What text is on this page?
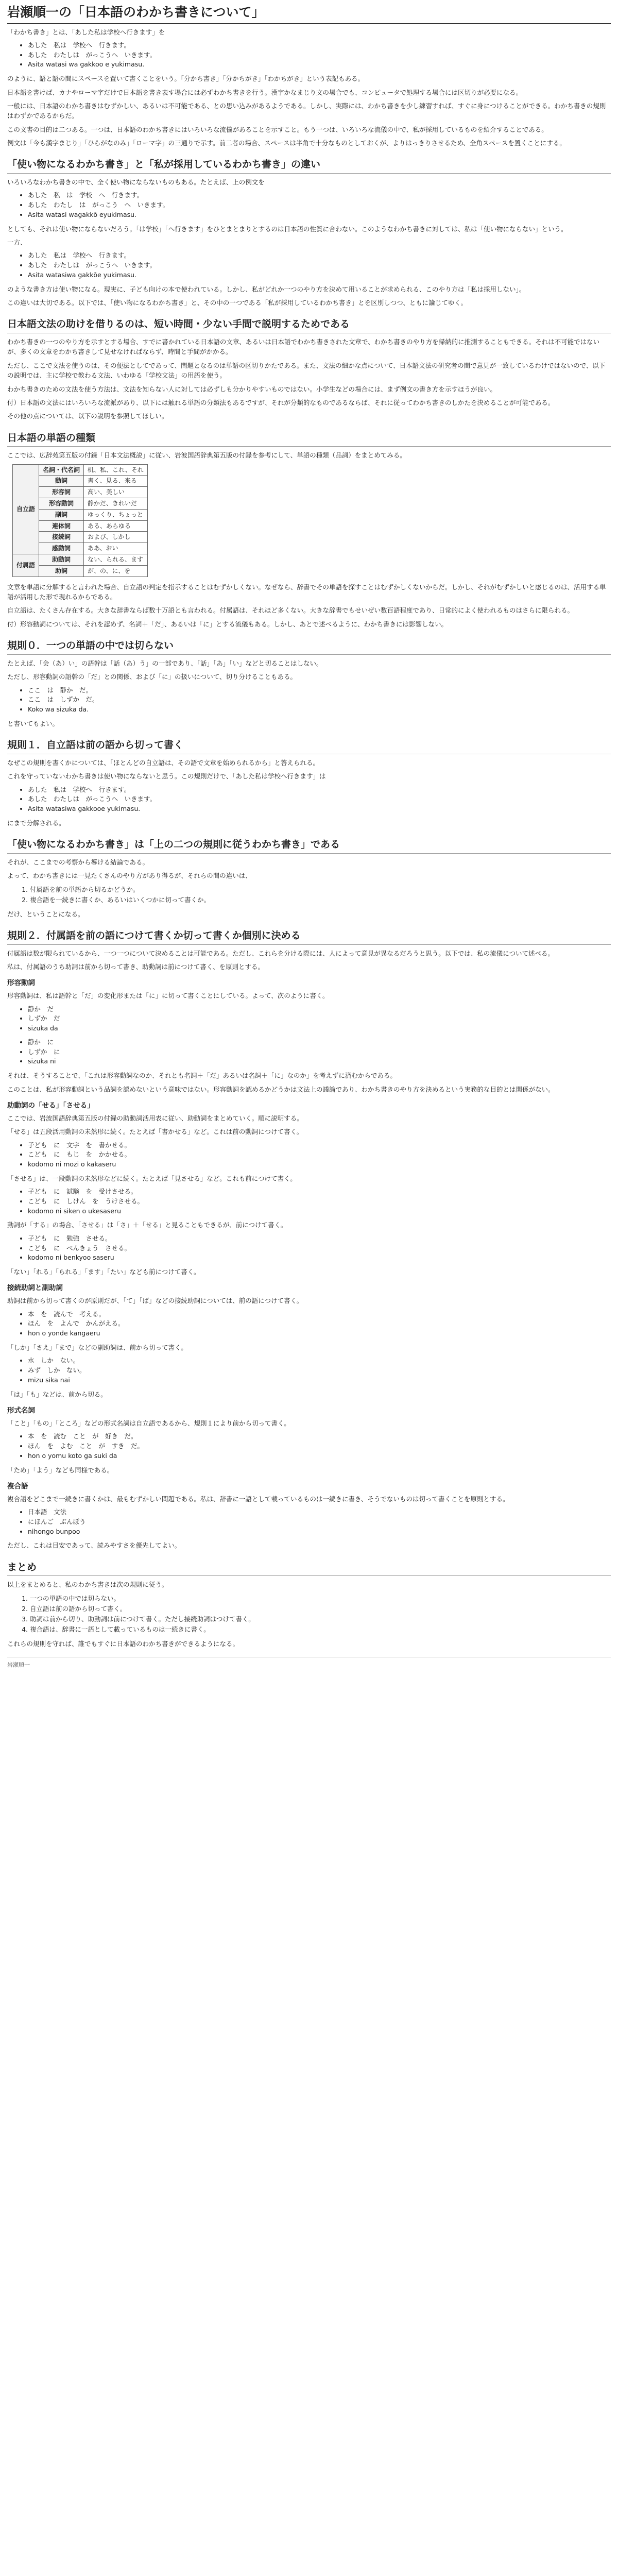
岩瀬順一の「日本語のわかち書きについて」

「わかち書き」とは、「あした私は学校へ行きます」を

• あした　私は　学校へ　行きます。
• あした　わたしは　がっこうへ　いきます。
• Asita watasi wa gakkoo e yukimasu.

のように、語と語の間にスペースを置いて書くことをいう。「分かち書き」「分かちがき」「わかちがき」という表記もある。

日本語を書けば、カナやローマ字だけで日本語を書き表す場合には必ずわかち書きを行う。漢字かなまじり文の場合でも、コンピュータで処理する場合には区切りが必要になる。

一般には、日本語のわかち書きはむずかしい、あるいは不可能である、との思い込みがあるようである。しかし、実際には、わかち書きを少し練習すれば、すぐに身につけることができる。わかち書きの規則はわずかであるからだ。

この文書の目的は二つある。一つは、日本語のわかち書きにはいろいろな流儀があることを示すこと。もう一つは、いろいろな流儀の中で、私が採用しているものを紹介することである。

例文は「今も漢字まじり」「ひらがなのみ」「ローマ字」の三通りで示す。前二者の場合、スペースは半角で十分なものとしておくが、よりはっきりさせるため、全角スペースを置くことにする。

「使い物になるわかち書き」と「私が採用しているわかち書き」の違い

いろいろなわかち書きの中で、全く使い物にならないものもある。たとえば、上の例文を

• あした　私　は　学校　へ　行きます。
• あした　わたし　は　がっこう　へ　いきます。
• Asita watasi wagakkō eyukimasu.

としても、それは使い物にならないだろう。「は学校」「へ行きます」をひとまとまりとするのは日本語の性質に合わない。このようなわかち書きに対しては、私は「使い物にならない」という。

一方、

• あした　私は　学校へ　行きます。
• あした　わたしは　がっこうへ　いきます。
• Asita watasiwa gakkōe yukimasu.

のような書き方は使い物になる。現実に、子ども向けの本で使われている。しかし、私がどれか一つのやり方を決めて用いることが求められる、このやり方は「私は採用しない」。

この違いは大切である。以下では、「使い物になるわかち書き」と、その中の一つである「私が採用しているわかち書き」とを区別しつつ、ともに論じてゆく。

日本語文法の助けを借りるのは、短い時間・少ない手間で説明するためである

わかち書きの一つのやり方を示すとする場合、すでに書かれている日本語の文章、あるいは日本語でわかち書きされた文章で、わかち書きのやり方を帰納的に推測することもできる。それは不可能ではないが、多くの文章をわかち書きして見せなければならず、時間と手間がかかる。

ただし、ここで文法を使うのは、その便法としてであって、問題となるのは単語の区切りかたである。また、文法の細かな点について、日本語文法の研究者の間で意見が一致しているわけではないので、以下の説明では、主に学校で教わる文法、いわゆる「学校文法」の用語を使う。

わかち書きのための文法を使う方法は、文法を知らない人に対しては必ずしも分かりやすいものではない。小学生などの場合には、まず例文の書き方を示すほうが良い。

付）日本語の文法にはいろいろな流派があり、以下には触れる単語の分類法もあるですが、それが分類的なものであるならば、それに従ってわかち書きのしかたを決めることが可能である。

その他の点については、以下の説明を参照してほしい。

日本語の単語の種類

ここでは、広辞苑第五版の付録「日本文法概説」に従い、岩波国語辞典第五版の付録を参考にして、単語の種類（品詞）をまとめてみる。

自立語	名詞・代名詞	机、私、これ、それ
	動詞	書く、見る、来る
	形容詞	高い、美しい
	形容動詞	静かだ、きれいだ
	副詞	ゆっくり、ちょっと
	連体詞	ある、あらゆる
	接続詞	および、しかし
	感動詞	ああ、おい
付属語	助動詞	ない、られる、ます
	助詞	が、の、に、を

文章を単語に分解すると言われた場合、自立語の判定を指示することはむずかしくない。なぜなら、辞書でその単語を探すことはむずかしくないからだ。しかし、それがむずかしいと感じるのは、活用する単語が活用した形で現れるからである。

自立語は、たくさん存在する。大きな辞書ならば数十万語とも言われる。付属語は、それほど多くない。大きな辞書でもせいぜい数百語程度であり、日常的によく使われるものはさらに限られる。

付）形容動詞については、それを認めず、名詞＋「だ」、あるいは「に」とする流儀もある。しかし、あとで述べるように、わかち書きには影響しない。

規則０．一つの単語の中では切らない

たとえば、「会（あ）い」の語幹は「話（あ）う」の一部であり、「話」「あ」「い」などと切ることはしない。

ただし、形容動詞の語幹の「だ」との関係、および「に」の扱いについて、切り分けることもある。

• ここ　は　静か　だ。
• ここ　は　しずか　だ。
• Koko wa sizuka da.

と書いてもよい。

規則１．自立語は前の語から切って書く

なぜこの規則を書くかについては、「ほとんどの自立語は、その語で文章を始められるから」と答えられる。

これを守っていないわかち書きは使い物にならないと思う。この規則だけで、「あした私は学校へ行きます」は

• あした　私は　学校へ　行きます。
• あした　わたしは　がっこうへ　いきます。
• Asita watasiwa gakkooe yukimasu.

にまで分解される。

「使い物になるわかち書き」は「上の二つの規則に従うわかち書き」である

それが、ここまでの考察から導ける結論である。

よって、わかち書きには一見たくさんのやり方があり得るが、それらの間の違いは、

1. 付属語を前の単語から切るかどうか。
2. 複合語を一続きに書くか、あるいはいくつかに切って書くか。

だけ、ということになる。

規則２．付属語を前の語につけて書くか切って書くか個別に決める

付属語は数が限られているから、一つ一つについて決めることは可能である。ただし、これらを分ける際には、人によって意見が異なるだろうと思う。以下では、私の流儀について述べる。

私は、付属語のうち助詞は前から切って書き、助動詞は前につけて書く、を原則とする。

形容動詞

形容動詞は、私は語幹と「だ」の変化形または「に」に切って書くことにしている。よって、次のように書く。

• 静か　だ
• しずか　だ
• sizuka da
• 静か　に
• しずか　に
• sizuka ni

それは、そうすることで、「これは形容動詞なのか、それとも名詞＋「だ」あるいは名詞＋「に」なのか」を考えずに済むからである。

このことは、私が形容動詞という品詞を認めないという意味ではない。形容動詞を認めるかどうかは文法上の議論であり、わかち書きのやり方を決めるという実務的な目的とは関係がない。

助動詞の「せる」「させる」

ここでは、岩波国語辞典第五版の付録の助動詞活用表に従い、助動詞をまとめていく。順に説明する。

「せる」は五段活用動詞の未然形に続く。たとえば「書かせる」など。これは前の動詞につけて書く。

• 子ども　に　文字　を　書かせる。
• こども　に　もじ　を　かかせる。
• kodomo ni mozi o kakaseru

「させる」は、一段動詞の未然形などに続く。たとえば「見させる」など。これも前につけて書く。

• 子ども　に　試験　を　受けさせる。
• こども　に　しけん　を　うけさせる。
• kodomo ni siken o ukesaseru

動詞が「する」の場合、「させる」は「さ」＋「せる」と見ることもできるが、前につけて書く。

• 子ども　に　勉強　させる。
• こども　に　べんきょう　させる。
• kodomo ni benkyoo saseru

「ない」「れる」「られる」「ます」「たい」なども前につけて書く。

接続助詞と副助詞

助詞は前から切って書くのが原則だが、「て」「ば」などの接続助詞については、前の語につけて書く。

• 本　を　読んで　考える。
• ほん　を　よんで　かんがえる。
• hon o yonde kangaeru

「しか」「さえ」「まで」などの副助詞は、前から切って書く。

• 水　しか　ない。
• みず　しか　ない。
• mizu sika nai

「は」「も」などは、前から切る。

形式名詞

「こと」「もの」「ところ」などの形式名詞は自立語であるから、規則１により前から切って書く。

• 本　を　読む　こと　が　好き　だ。
• ほん　を　よむ　こと　が　すき　だ。
• hon o yomu koto ga suki da

「ため」「よう」なども同様である。

複合語

複合語をどこまで一続きに書くかは、最もむずかしい問題である。私は、辞書に一語として載っているものは一続きに書き、そうでないものは切って書くことを原則とする。

• 日本語　文法
• にほんご　ぶんぽう
• nihongo bunpoo

ただし、これは目安であって、読みやすさを優先してよい。

まとめ

以上をまとめると、私のわかち書きは次の規則に従う。

1. 一つの単語の中では切らない。
2. 自立語は前の語から切って書く。
3. 助詞は前から切り、助動詞は前につけて書く。ただし接続助詞はつけて書く。
4. 複合語は、辞書に一語として載っているものは一続きに書く。

これらの規則を守れば、誰でもすぐに日本語のわかち書きができるようになる。

岩瀬順一
